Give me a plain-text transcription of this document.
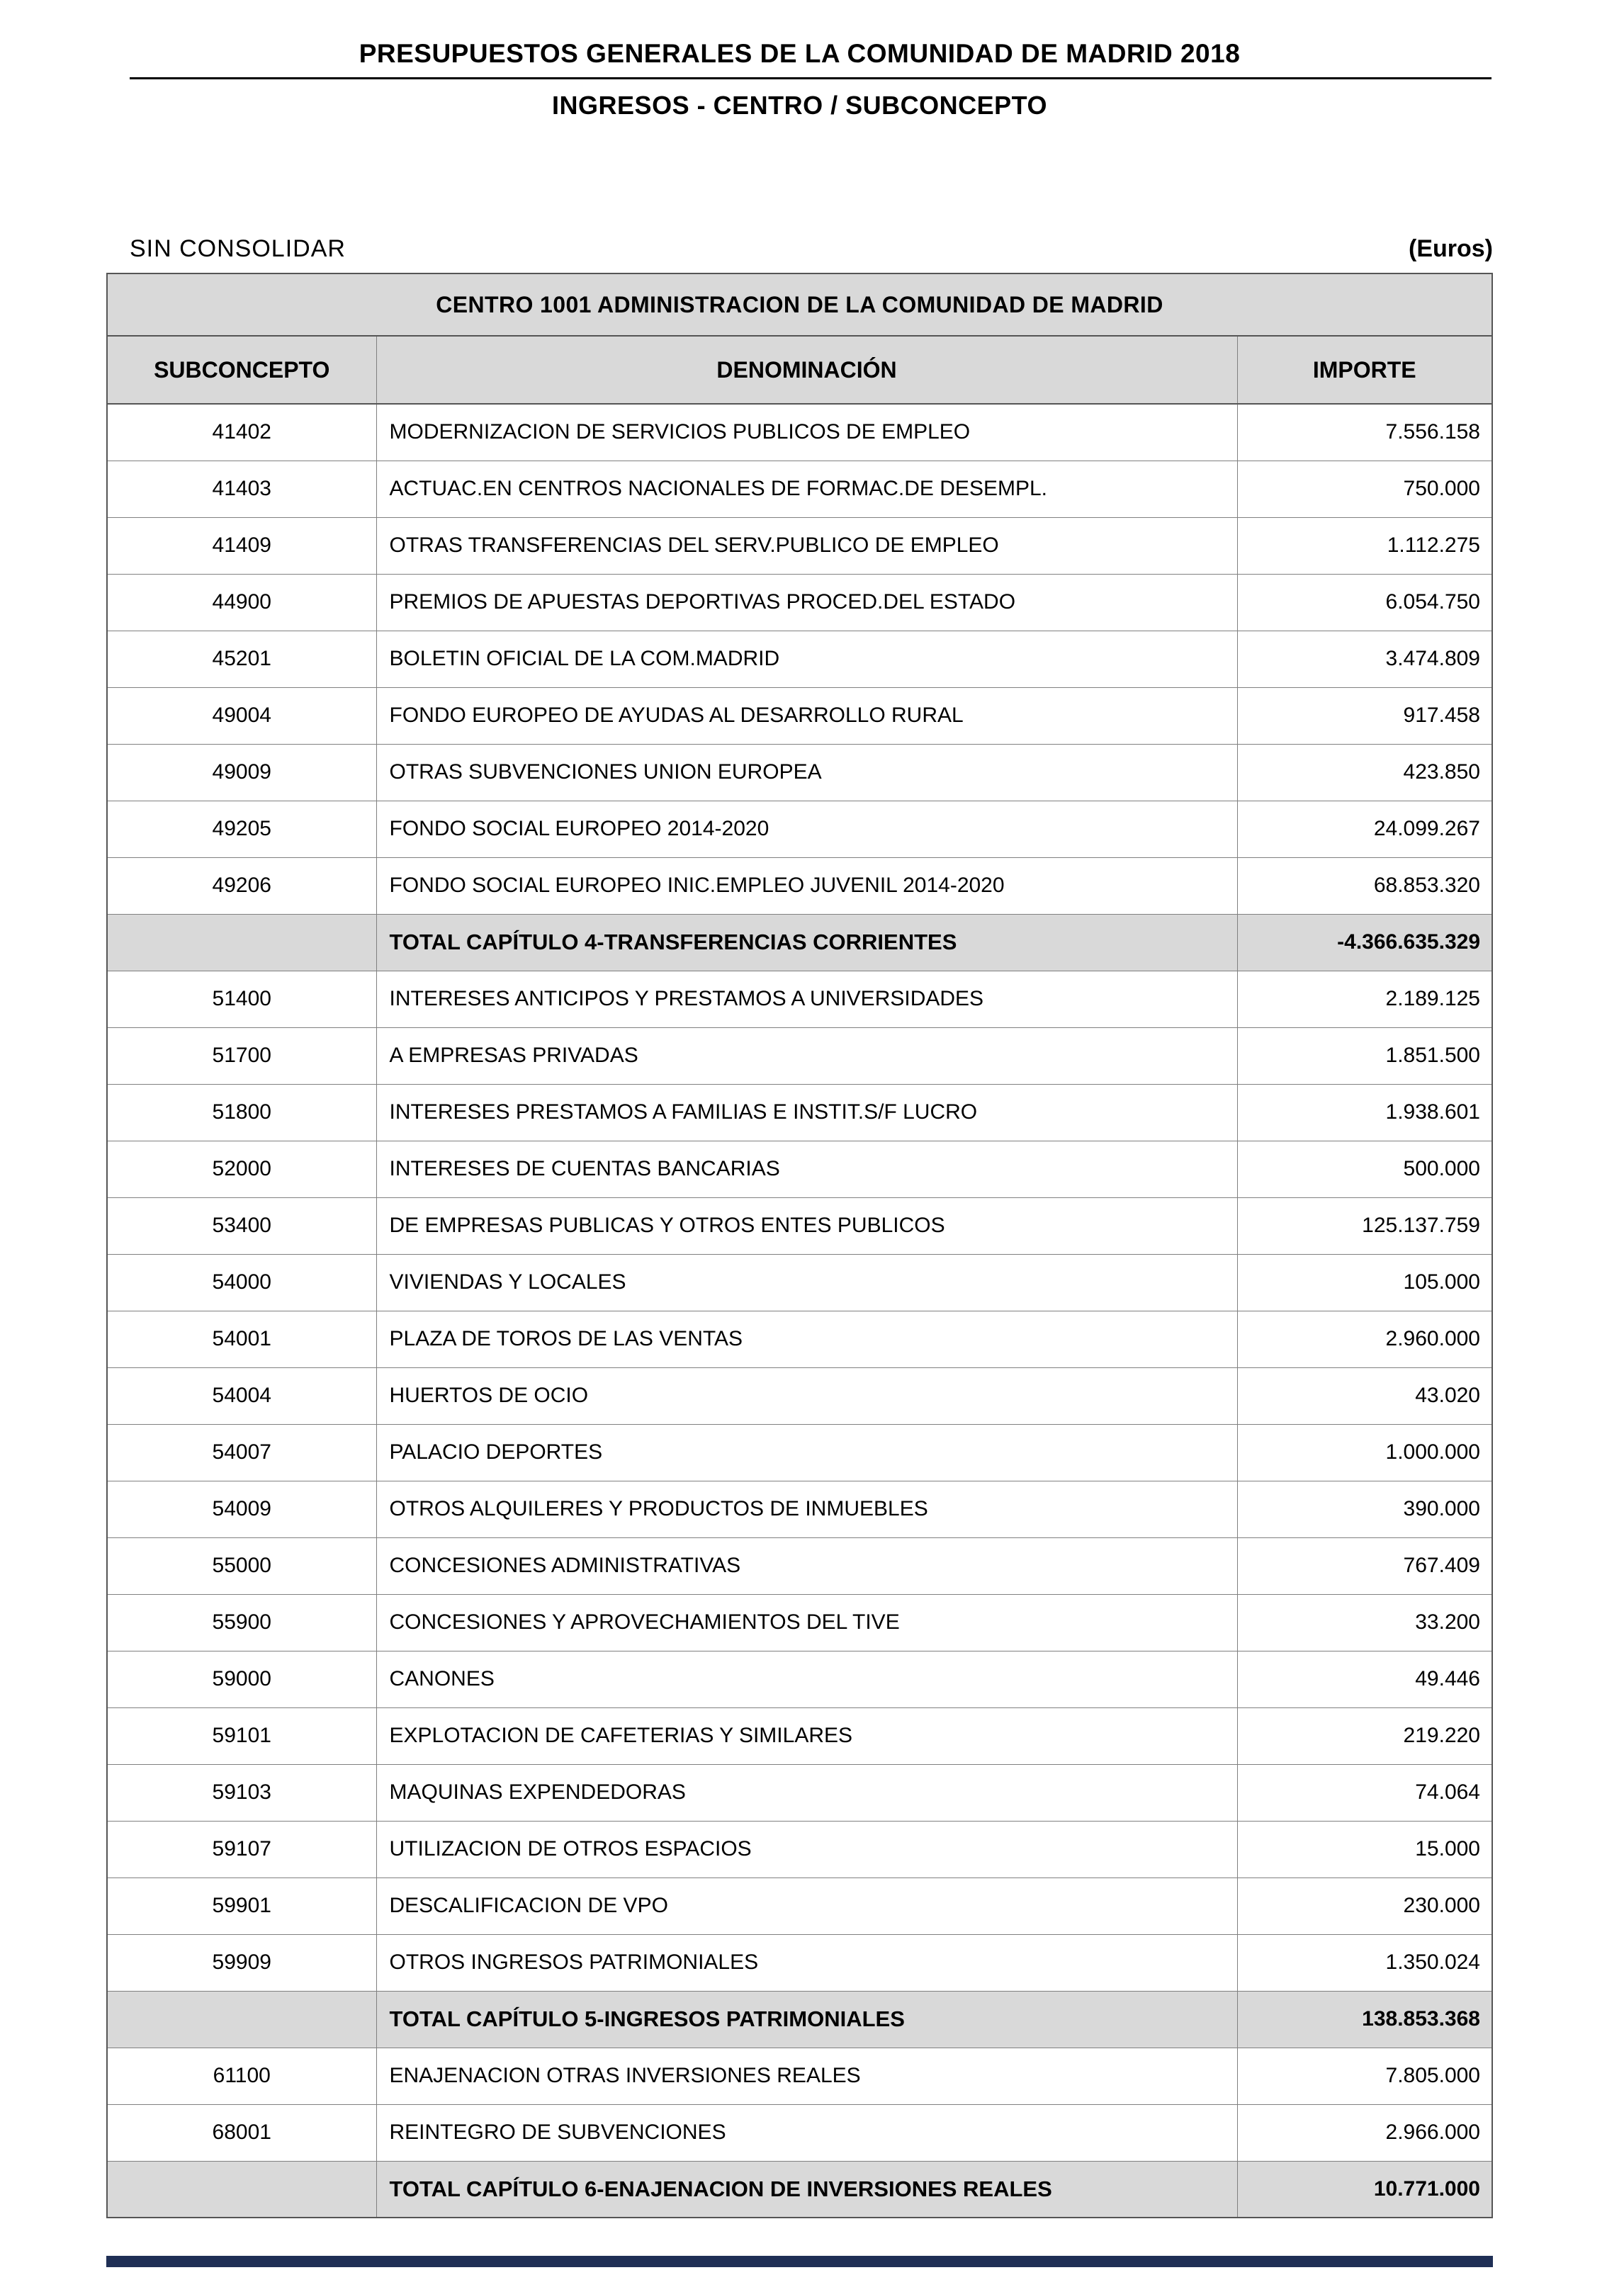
PRESUPUESTOS GENERALES DE LA COMUNIDAD DE MADRID 2018
INGRESOS - CENTRO / SUBCONCEPTO
SIN CONSOLIDAR	(Euros)
CENTRO 1001 ADMINISTRACION DE LA COMUNIDAD DE MADRID		
SUBCONCEPTO	DENOMINACIÓN	IMPORTE
41402	MODERNIZACION DE SERVICIOS PUBLICOS DE EMPLEO	7.556.158
41403	ACTUAC.EN CENTROS NACIONALES DE FORMAC.DE DESEMPL.	750.000
41409	OTRAS TRANSFERENCIAS DEL SERV.PUBLICO DE EMPLEO	1.112.275
44900	PREMIOS DE APUESTAS DEPORTIVAS PROCED.DEL ESTADO	6.054.750
45201	BOLETIN OFICIAL DE LA COM.MADRID	3.474.809
49004	FONDO EUROPEO DE AYUDAS AL DESARROLLO RURAL	917.458
49009	OTRAS SUBVENCIONES UNION EUROPEA	423.850
49205	FONDO SOCIAL EUROPEO 2014-2020	24.099.267
49206	FONDO SOCIAL EUROPEO INIC.EMPLEO JUVENIL 2014-2020	68.853.320
	TOTAL CAPÍTULO 4-TRANSFERENCIAS CORRIENTES	-4.366.635.329
51400	INTERESES ANTICIPOS Y PRESTAMOS A UNIVERSIDADES	2.189.125
51700	A EMPRESAS PRIVADAS	1.851.500
51800	INTERESES PRESTAMOS A FAMILIAS E INSTIT.S/F LUCRO	1.938.601
52000	INTERESES DE CUENTAS BANCARIAS	500.000
53400	DE EMPRESAS PUBLICAS Y OTROS ENTES PUBLICOS	125.137.759
54000	VIVIENDAS Y LOCALES	105.000
54001	PLAZA DE TOROS DE LAS VENTAS	2.960.000
54004	HUERTOS DE OCIO	43.020
54007	PALACIO DEPORTES	1.000.000
54009	OTROS ALQUILERES Y PRODUCTOS DE INMUEBLES	390.000
55000	CONCESIONES ADMINISTRATIVAS	767.409
55900	CONCESIONES Y APROVECHAMIENTOS DEL TIVE	33.200
59000	CANONES	49.446
59101	EXPLOTACION DE CAFETERIAS Y SIMILARES	219.220
59103	MAQUINAS EXPENDEDORAS	74.064
59107	UTILIZACION DE OTROS ESPACIOS	15.000
59901	DESCALIFICACION DE VPO	230.000
59909	OTROS INGRESOS PATRIMONIALES	1.350.024
	TOTAL CAPÍTULO 5-INGRESOS PATRIMONIALES	138.853.368
61100	ENAJENACION OTRAS INVERSIONES REALES	7.805.000
68001	REINTEGRO DE SUBVENCIONES	2.966.000
	TOTAL CAPÍTULO 6-ENAJENACION DE INVERSIONES REALES	10.771.000
